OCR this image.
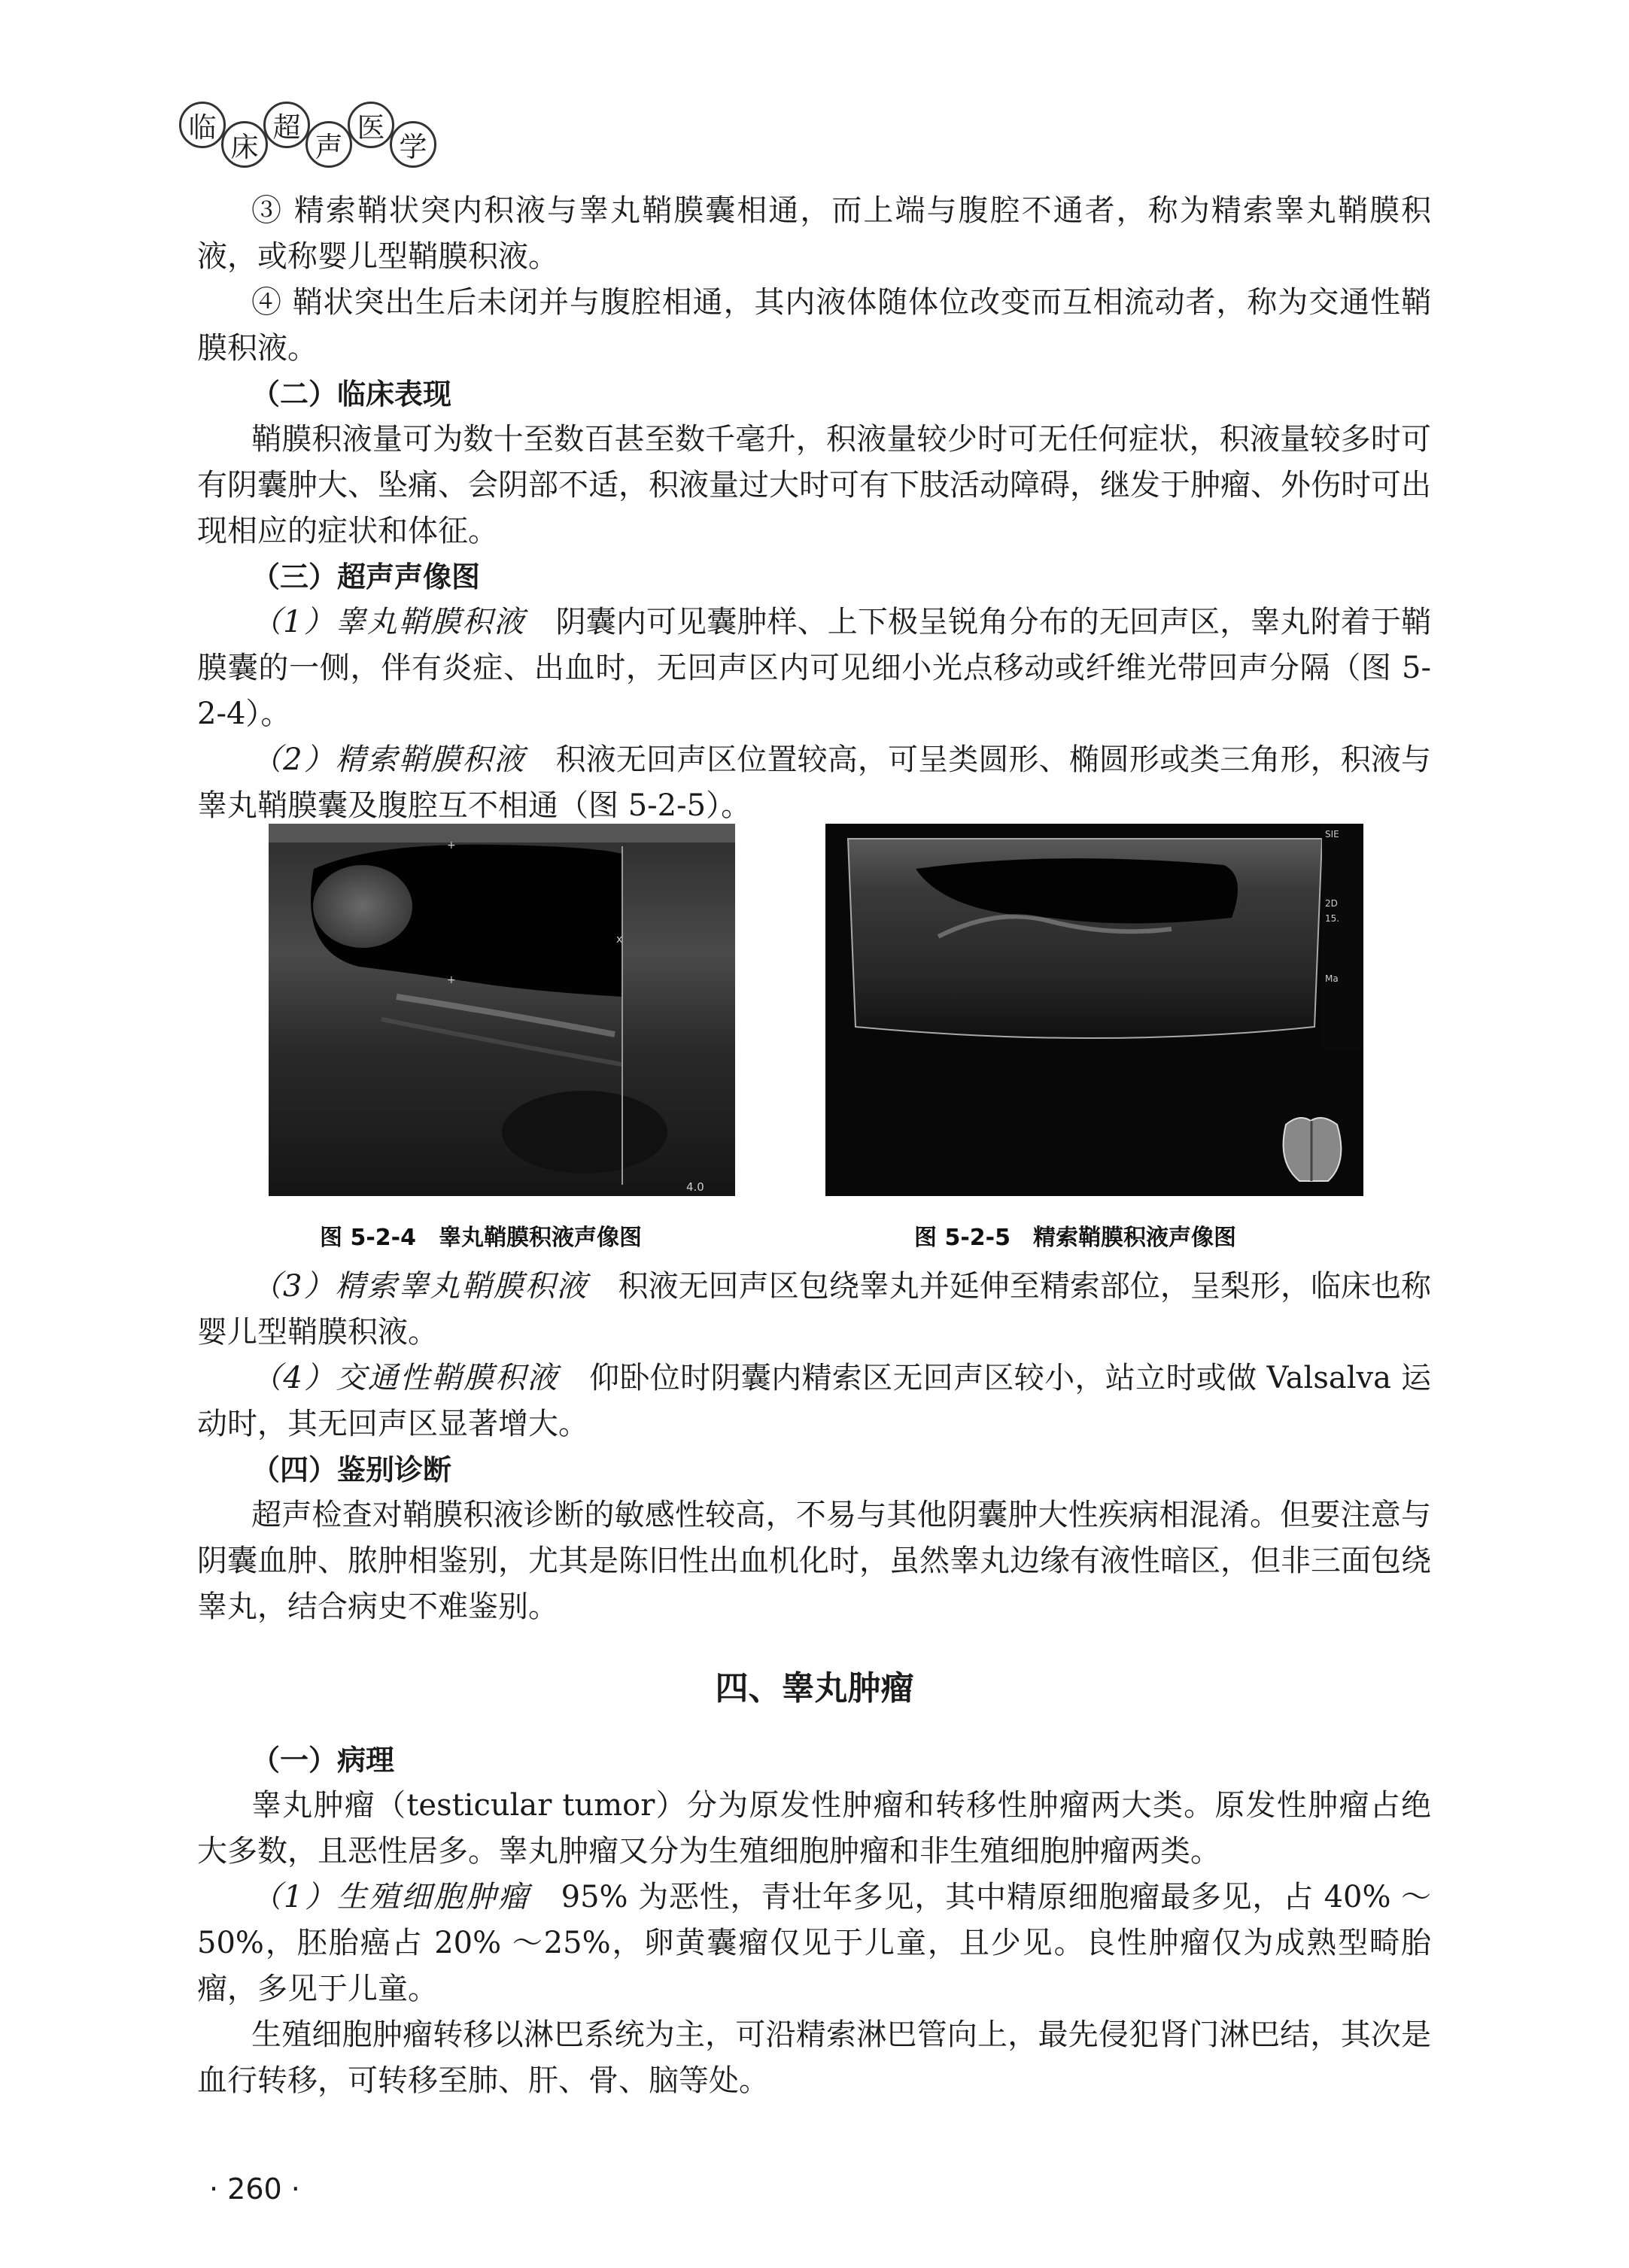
临
床
超
声
医
学

③ 精索鞘状突内积液与睾丸鞘膜囊相通，而上端与腹腔不通者，称为精索睾丸鞘膜积液，或称婴儿型鞘膜积液。

④ 鞘状突出生后未闭并与腹腔相通，其内液体随体位改变而互相流动者，称为交通性鞘膜积液。

（二）临床表现

鞘膜积液量可为数十至数百甚至数千毫升，积液量较少时可无任何症状，积液量较多时可有阴囊肿大、坠痛、会阴部不适，积液量过大时可有下肢活动障碍，继发于肿瘤、外伤时可出现相应的症状和体征。

（三）超声声像图

（1）睾丸鞘膜积液　 阴囊内可见囊肿样、上下极呈锐角分布的无回声区，睾丸附着于鞘膜囊的一侧，伴有炎症、出血时，无回声区内可见细小光点移动或纤维光带回声分隔（图 5-2-4）。

（2）精索鞘膜积液　 积液无回声区位置较高，可呈类圆形、椭圆形或类三角形，积液与睾丸鞘膜囊及腹腔互不相通（图 5-2-5）。

x
+
+
4.0
SIE
2D
15.
Ma
图 5-2-4　睾丸鞘膜积液声像图	图 5-2-5　精索鞘膜积液声像图

（3）精索睾丸鞘膜积液　 积液无回声区包绕睾丸并延伸至精索部位，呈梨形，临床也称婴儿型鞘膜积液。

（4）交通性鞘膜积液　 仰卧位时阴囊内精索区无回声区较小，站立时或做 Valsalva 运动时，其无回声区显著增大。

（四）鉴别诊断

超声检查对鞘膜积液诊断的敏感性较高，不易与其他阴囊肿大性疾病相混淆。但要注意与阴囊血肿、脓肿相鉴别，尤其是陈旧性出血机化时，虽然睾丸边缘有液性暗区，但非三面包绕睾丸，结合病史不难鉴别。

四、睾丸肿瘤
（一）病理

睾丸肿瘤（testicular tumor）分为原发性肿瘤和转移性肿瘤两大类。原发性肿瘤占绝大多数，且恶性居多。睾丸肿瘤又分为生殖细胞肿瘤和非生殖细胞肿瘤两类。

（1）生殖细胞肿瘤　 95% 为恶性，青壮年多见，其中精原细胞瘤最多见，占 40% ～50%，胚胎癌占 20% ～25%，卵黄囊瘤仅见于儿童，且少见。良性肿瘤仅为成熟型畸胎瘤，多见于儿童。

生殖细胞肿瘤转移以淋巴系统为主，可沿精索淋巴管向上，最先侵犯肾门淋巴结，其次是血行转移，可转移至肺、肝、骨、脑等处。

· 260 ·
